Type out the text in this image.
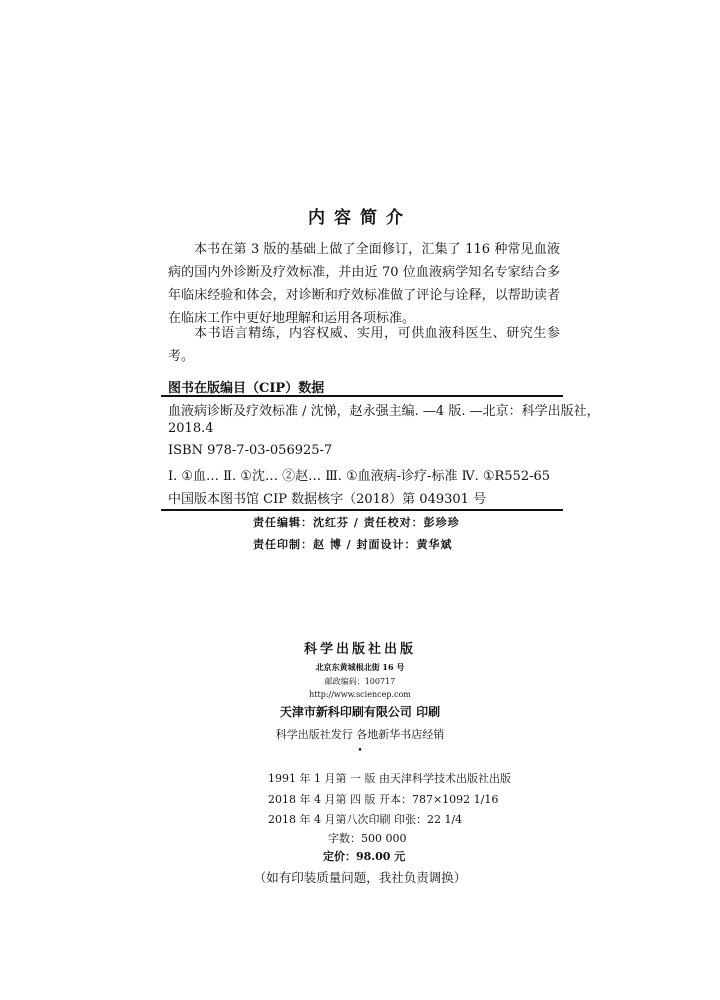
内容简介
本书在第 3 版的基础上做了全面修订，汇集了 116 种常见血液病的国内外诊断及疗效标准，并由近 70 位血液病学知名专家结合多年临床经验和体会，对诊断和疗效标准做了评论与诠释，以帮助读者在临床工作中更好地理解和运用各项标准。
本书语言精练，内容权威、实用，可供血液科医生、研究生参考。
图书在版编目（CIP）数据
血液病诊断及疗效标准 / 沈悌，赵永强主编. —4 版. —北京：科学出版社，
2018.4
ISBN 978-7-03-056925-7
Ⅰ. ①血… Ⅱ. ①沈… ②赵… Ⅲ. ①血液病-诊疗-标准 Ⅳ. ①R552-65
中国版本图书馆 CIP 数据核字（2018）第 049301 号
责任编辑：沈红芬 / 责任校对：彭珍珍
责任印制：赵 博 / 封面设计：黄华斌
科学出版社出版
北京东黄城根北街 16 号
邮政编码：100717
http://www.sciencep.com
天津市新科印刷有限公司 印刷
科学出版社发行 各地新华书店经销
•
1991 年 1 月第 一 版 由天津科学技术出版社出版
2018 年 4 月第 四 版 开本：787×1092 1/16
2018 年 4 月第八次印刷 印张：22 1/4
字数：500 000
定价：98.00 元
（如有印装质量问题，我社负责调换）
